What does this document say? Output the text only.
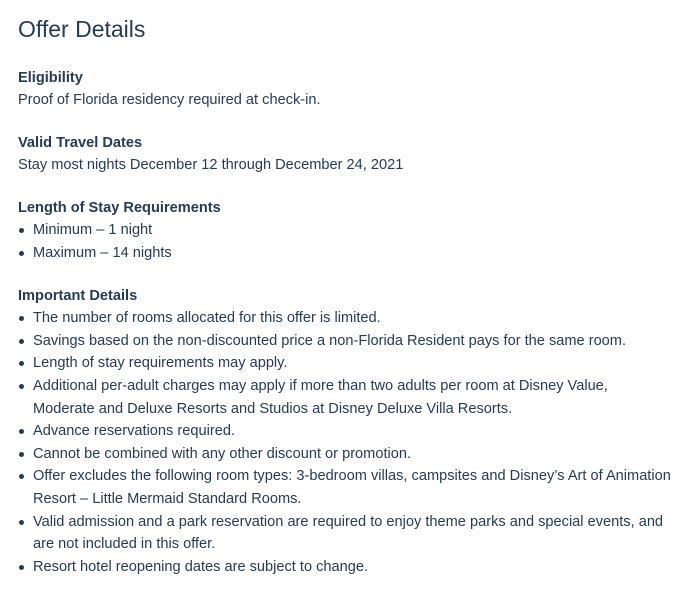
Offer Details
Eligibility

Proof of Florida residency required at check-in.

Valid Travel Dates

Stay most nights December 12 through December 24, 2021

Length of Stay Requirements
Minimum – 1 night
Maximum – 14 nights
Important Details
The number of rooms allocated for this offer is limited.
Savings based on the non-discounted price a non-Florida Resident pays for the same room.
Length of stay requirements may apply.
Additional per-adult charges may apply if more than two adults per room at Disney Value, Moderate and Deluxe Resorts and Studios at Disney Deluxe Villa Resorts.
Advance reservations required.
Cannot be combined with any other discount or promotion.
Offer excludes the following room types: 3-bedroom villas, campsites and Disney’s Art of Animation Resort – Little Mermaid Standard Rooms.
Valid admission and a park reservation are required to enjoy theme parks and special events, and are not included in this offer.
Resort hotel reopening dates are subject to change.
